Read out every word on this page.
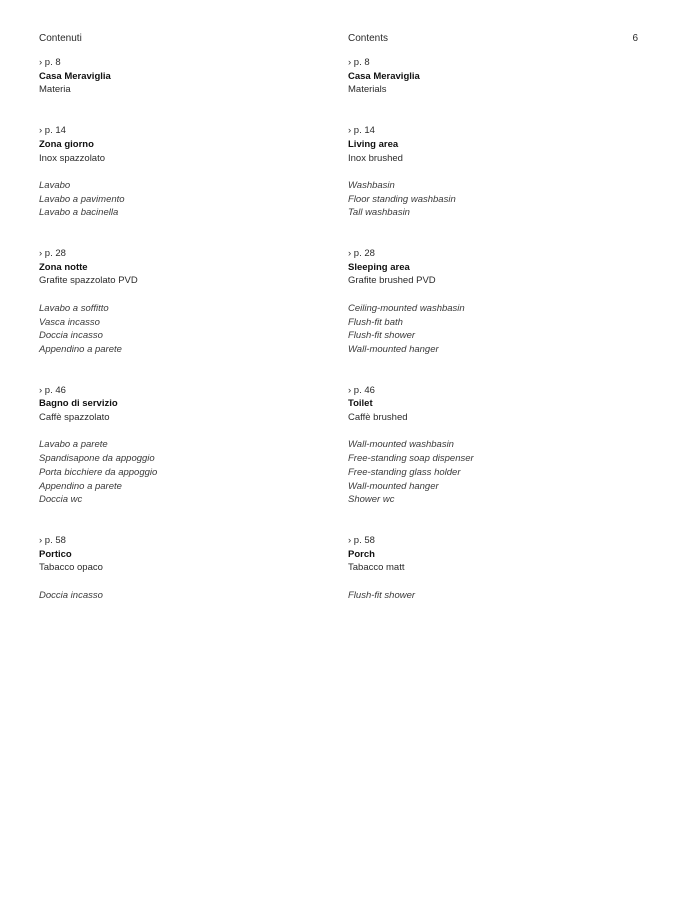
Contenuti	Contents	6
› p. 8
Casa Meraviglia
Materia
› p. 14
Zona giorno
Inox spazzolato
Lavabo
Lavabo a pavimento
Lavabo a bacinella
› p. 28
Zona notte
Grafite spazzolato PVD
Lavabo a soffitto
Vasca incasso
Doccia incasso
Appendino a parete
› p. 46
Bagno di servizio
Caffè spazzolato
Lavabo a parete
Spandisapone da appoggio
Porta bicchiere da appoggio
Appendino a parete
Doccia wc
› p. 58
Portico
Tabacco opaco
Doccia incasso
› p. 8
Casa Meraviglia
Materials
› p. 14
Living area
Inox brushed
Washbasin
Floor standing washbasin
Tall washbasin
› p. 28
Sleeping area
Grafite brushed PVD
Ceiling-mounted washbasin
Flush-fit bath
Flush-fit shower
Wall-mounted hanger
› p. 46
Toilet
Caffè brushed
Wall-mounted washbasin
Free-standing soap dispenser
Free-standing glass holder
Wall-mounted hanger
Shower wc
› p. 58
Porch
Tabacco matt
Flush-fit shower
